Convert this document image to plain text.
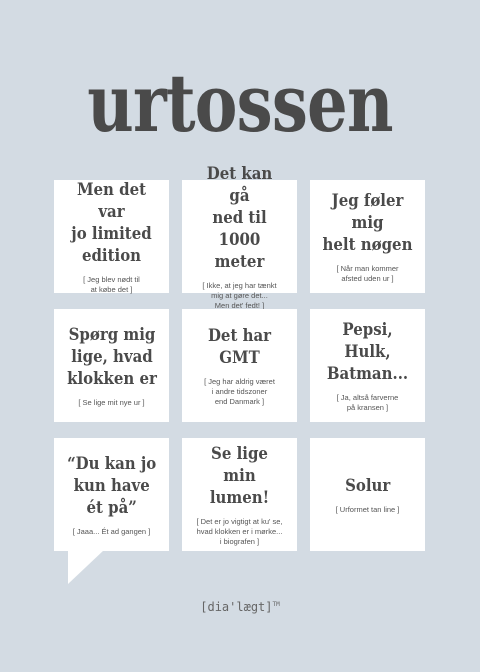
urtossen
Men det var
jo limited
edition
[ Jeg blev nødt til
at købe det ]
Det kan gå
ned til 1000
meter
[ Ikke, at jeg har tænkt
mig at gøre det...
Men det' fedt! ]
Jeg føler mig
helt nøgen
[ Når man kommer
afsted uden ur ]
Spørg mig
lige, hvad
klokken er
[ Se lige mit nye ur ]
Det har GMT
[ Jeg har aldrig været
i andre tidszoner
end Danmark ]
Pepsi, Hulk,
Batman...
[ Ja, altså farverne
på kransen ]
“Du kan jo
kun have
ét på”
[ Jaaa... Ét ad gangen ]
Se lige min
lumen!
[ Det er jo vigtigt at ku' se,
hvad klokken er i mørke...
i biografen ]
Solur
[ Urformet tan line ]
[dia'lægt]™
